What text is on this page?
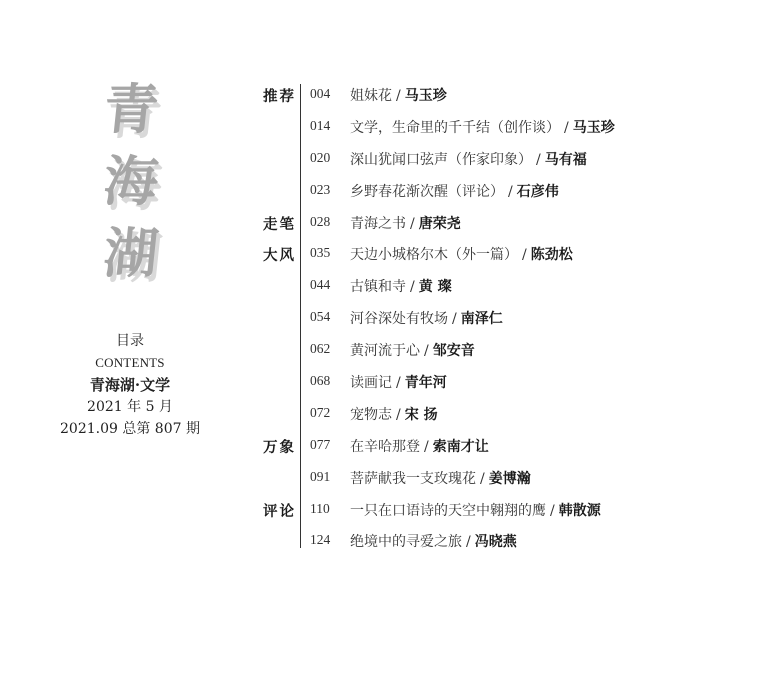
青
海
湖
目录
CONTENTS
青海湖·文学
2021 年 5 月
2021.09 总第 807 期
推荐 004 姐妹花 / 马玉珍
014 文学，生命里的千千结（创作谈） / 马玉珍
020 深山犹闻口弦声（作家印象） / 马有福
023 乡野春花渐次醒（评论） / 石彦伟
走笔 028 青海之书 / 唐荣尧
大风 035 天边小城格尔木（外一篇） / 陈劲松
044 古镇和寺 / 黄 璨
054 河谷深处有牧场 / 南泽仁
062 黄河流于心 / 邹安音
068 读画记 / 青年河
072 宠物志 / 宋 扬
万象 077 在辛哈那登 / 索南才让
091 菩萨献我一支玫瑰花 / 姜博瀚
评论 110 一只在口语诗的天空中翱翔的鹰 / 韩散源
124 绝境中的寻爱之旅 / 冯晓燕
